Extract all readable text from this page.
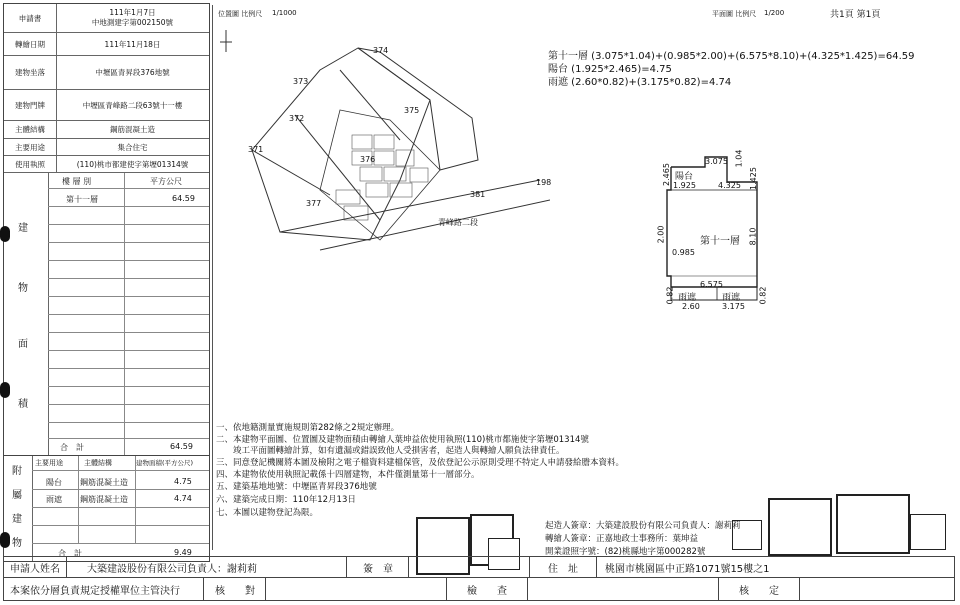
申請書
111年1月7日
中地測建字第002150號
轉繪日期	111年11月18日
建物坐落	中壢區青昇段376地號
建物門牌	中壢區青峰路二段63號十一樓
主體結構	鋼筋混凝土造
主要用途	集合住宅
使用執照	(110)桃市都建使字第壢01314號
建
物
面
積
樓 層 別	平方公尺
第十一層	64.59
合　計	64.59
附
屬
建
物
主要用途	主體結構	建物面積(平方公尺)
陽台 鋼筋混凝土造	4.75
雨遮 鋼筋混凝土造	4.74
合　計	9.49
位置圖 比例尺 1/1000	平面圖 比例尺 1/200	共1頁 第1頁
374
373
375
372
371
376
377
381
198
青峰路二段
第十一層 (3.075*1.04)+(0.985*2.00)+(6.575*8.10)+(4.325*1.425)=64.59
陽台 (1.925*2.465)=4.75
雨遮 (2.60*0.82)+(3.175*0.82)=4.74
陽台
第十一層
雨遮	雨遮
3.075 1.04
2.465 1.925	4.325 1.425
2.00
0.985
8.10
6.575
0.82	0.82
2.60	3.175
一、依地籍測量實施規則第282條之2規定辦理。
二、本建物平面圖、位置圖及建物面積由轉繪人葉坤益依使用執照(110)桃市都施使字第壢01314號
　　竣工平面圖轉繪計算，如有遺漏或錯誤致他人受損害者，起造人與轉繪人願負法律責任。
三、同意登記機關將本圖及檢附之電子檔資料建檔保管，及依登記公示原則受理不特定人申請發給謄本資料。
四、本建物依使用執照記載係十四層建物，本件僅測量第十一層部分。
五、建築基地地號：中壢區青昇段376地號
六、建築完成日期：110年12月13日
七、本圖以建物登記為限。
起造人簽章：大築建設股份有限公司負責人：謝莉莉
轉繪人簽章：正嘉地政士事務所：葉坤益
開業證照字號：(82)桃縣地字第000282號
申請人姓名	大築建設股份有限公司負責人：謝莉莉	簽　章	住　址	桃園市桃園區中正路1071號15樓之1
本案依分層負責規定授權單位主管決行	核　　對	檢　　查	核　　定
